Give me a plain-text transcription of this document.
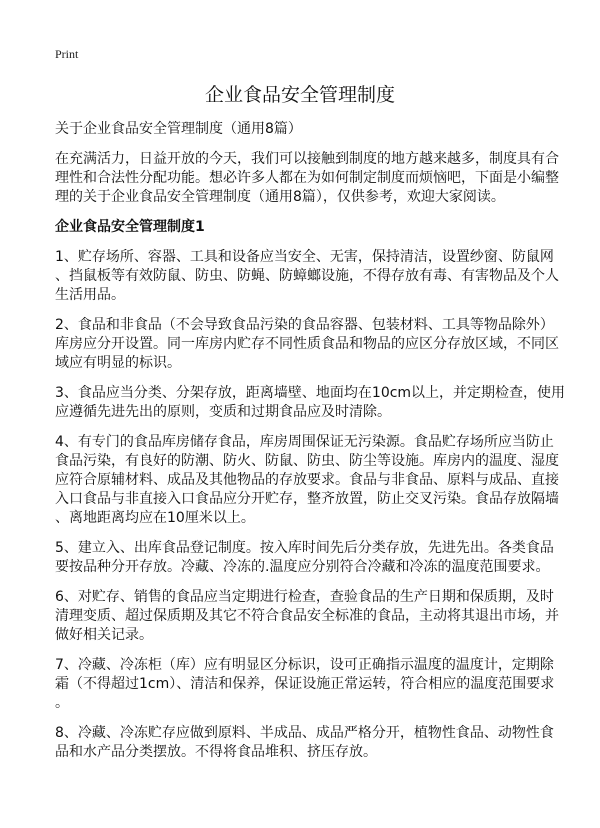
Print
企业食品安全管理制度
关于企业食品安全管理制度（通用8篇）
在充满活力，日益开放的今天，我们可以接触到制度的地方越来越多，制度具有合
理性和合法性分配功能。想必许多人都在为如何制定制度而烦恼吧，下面是小编整
理的关于企业食品安全管理制度（通用8篇），仅供参考，欢迎大家阅读。
企业食品安全管理制度1
1、贮存场所、容器、工具和设备应当安全、无害，保持清洁，设置纱窗、防鼠网
、挡鼠板等有效防鼠、防虫、防蝇、防蟑螂设施，不得存放有毒、有害物品及个人
生活用品。
2、食品和非食品（不会导致食品污染的食品容器、包装材料、工具等物品除外）
库房应分开设置。同一库房内贮存不同性质食品和物品的应区分存放区域，不同区
域应有明显的标识。
3、食品应当分类、分架存放，距离墙壁、地面均在10cm以上，并定期检查，使用
应遵循先进先出的原则，变质和过期食品应及时清除。
4、有专门的食品库房储存食品，库房周围保证无污染源。食品贮存场所应当防止
食品污染，有良好的防潮、防火、防鼠、防虫、防尘等设施。库房内的温度、湿度
应符合原辅材料、成品及其他物品的存放要求。食品与非食品、原料与成品、直接
入口食品与非直接入口食品应分开贮存，整齐放置，防止交叉污染。食品存放隔墙
、离地距离均应在10厘米以上。
5、建立入、出库食品登记制度。按入库时间先后分类存放，先进先出。各类食品
要按品种分开存放。冷藏、冷冻的.温度应分别符合冷藏和冷冻的温度范围要求。
6、对贮存、销售的食品应当定期进行检查，查验食品的生产日期和保质期，及时
清理变质、超过保质期及其它不符合食品安全标准的食品，主动将其退出市场，并
做好相关记录。
7、冷藏、冷冻柜（库）应有明显区分标识，设可正确指示温度的温度计，定期除
霜（不得超过1cm）、清洁和保养，保证设施正常运转，符合相应的温度范围要求
。
8、冷藏、冷冻贮存应做到原料、半成品、成品严格分开，植物性食品、动物性食
品和水产品分类摆放。不得将食品堆积、挤压存放。
